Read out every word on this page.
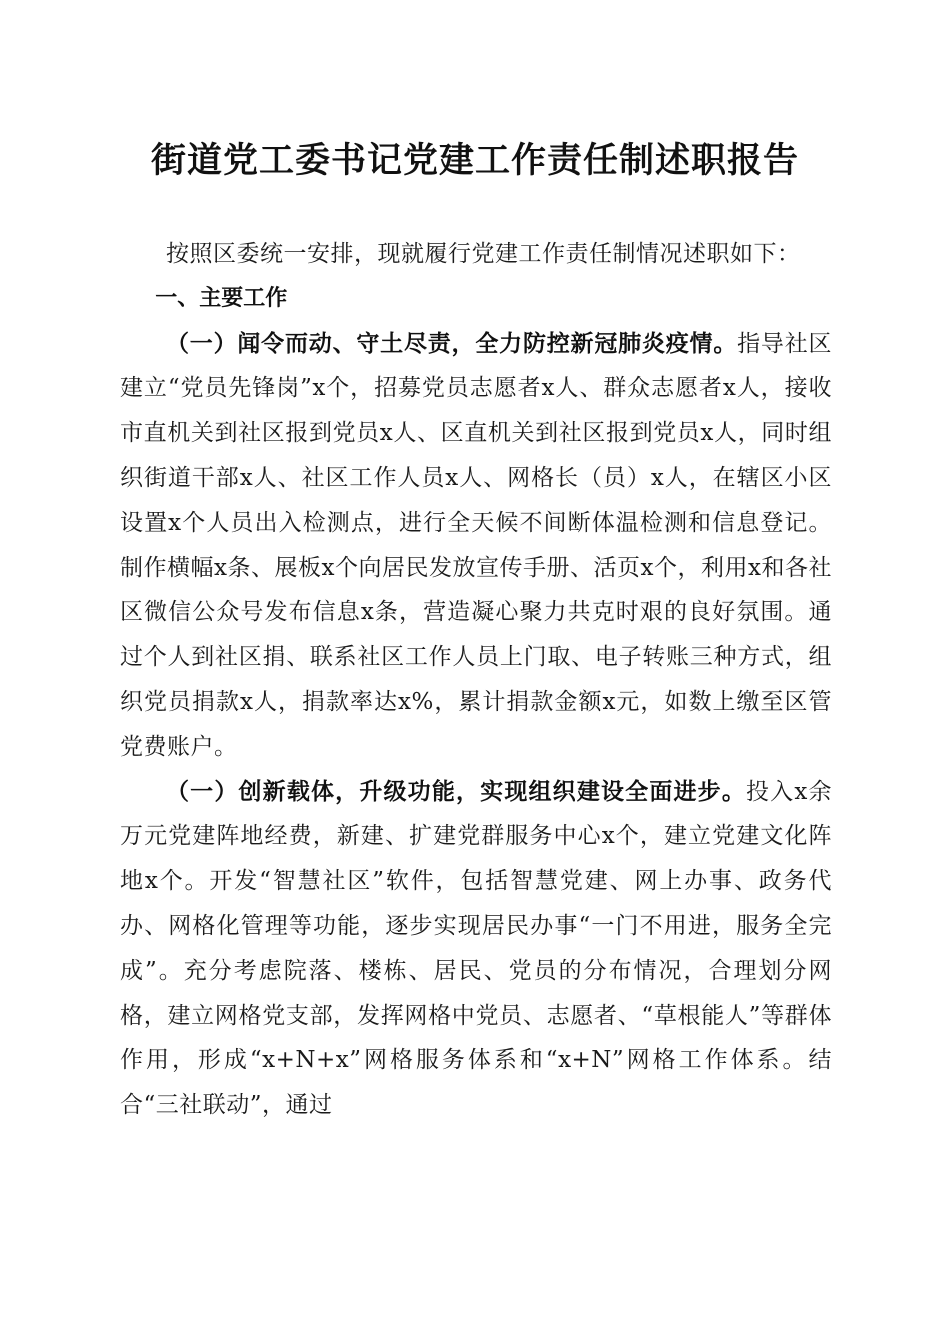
街道党工委书记党建工作责任制述职报告

按照区委统一安排，现就履行党建工作责任制情况述职如下：

一、主要工作

（一）闻令而动、守土尽责，全力防控新冠肺炎疫情。指导社区建立“党员先锋岗”x个，招募党员志愿者x人、群众志愿者x人，接收市直机关到社区报到党员x人、区直机关到社区报到党员x人，同时组织街道干部x人、社区工作人员x人、网格长（员）x人，在辖区小区设置x个人员出入检测点，进行全天候不间断体温检测和信息登记。制作横幅x条、展板x个向居民发放宣传手册、活页x个，利用x和各社区微信公众号发布信息x条，营造凝心聚力共克时艰的良好氛围。通过个人到社区捐、联系社区工作人员上门取、电子转账三种方式，组织党员捐款x人，捐款率达x%，累计捐款金额x元，如数上缴至区管党费账户。

（一）创新载体，升级功能，实现组织建设全面进步。投入x余万元党建阵地经费，新建、扩建党群服务中心x个，建立党建文化阵地x个。开发“智慧社区”软件，包括智慧党建、网上办事、政务代办、网格化管理等功能，逐步实现居民办事“一门不用进，服务全完成”。充分考虑院落、楼栋、居民、党员的分布情况，合理划分网格，建立网格党支部，发挥网格中党员、志愿者、“草根能人”等群体作用，形成“x+N+x”网格服务体系和“x+N”网格工作体系。结合“三社联动”，通过
